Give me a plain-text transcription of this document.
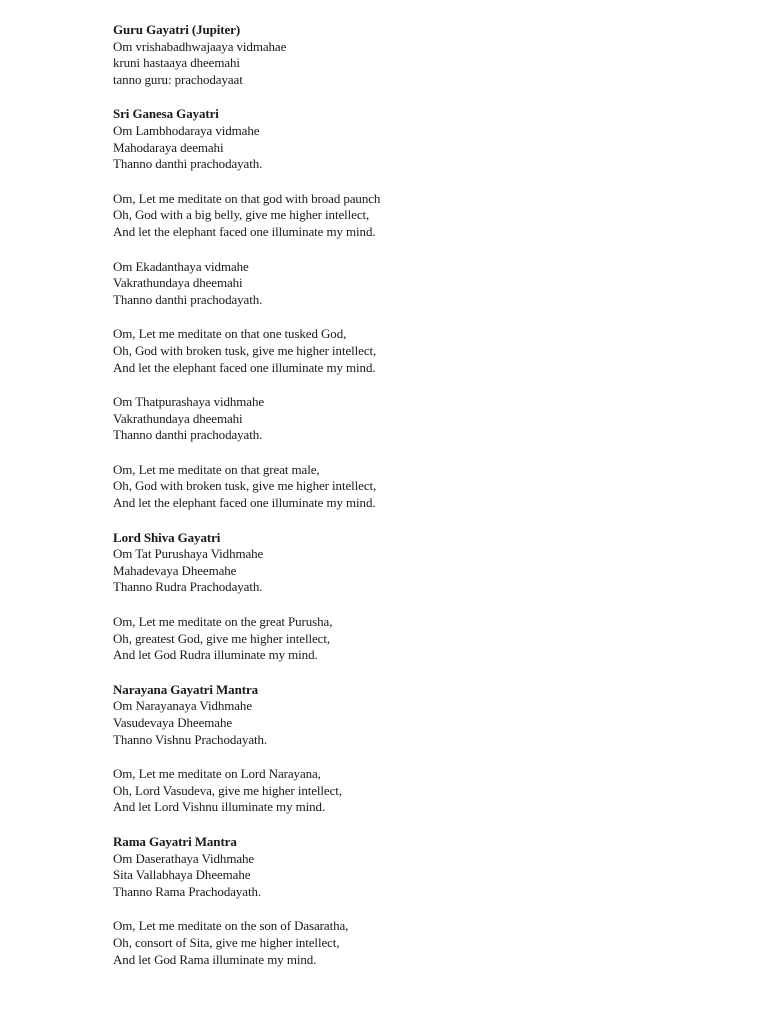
Guru Gayatri (Jupiter)
Om vrishabadhwajaaya vidmahae
kruni hastaaya dheemahi
tanno guru: prachodayaat
Sri Ganesa Gayatri
Om Lambhodaraya vidmahe
Mahodaraya deemahi
Thanno danthi prachodayath.
Om, Let me meditate on that god with broad paunch
Oh, God with a big belly, give me higher intellect,
And let the elephant faced one illuminate my mind.
Om Ekadanthaya vidmahe
Vakrathundaya dheemahi
Thanno danthi prachodayath.
Om, Let me meditate on that one tusked God,
Oh, God with broken tusk, give me higher intellect,
And let the elephant faced one illuminate my mind.
Om Thatpurashaya vidhmahe
Vakrathundaya dheemahi
Thanno danthi prachodayath.
Om, Let me meditate on that great male,
Oh, God with broken tusk, give me higher intellect,
And let the elephant faced one illuminate my mind.
Lord Shiva Gayatri
Om Tat Purushaya Vidhmahe
Mahadevaya Dheemahe
Thanno Rudra Prachodayath.
Om, Let me meditate on the great Purusha,
Oh, greatest God, give me higher intellect,
And let God Rudra illuminate my mind.
Narayana Gayatri Mantra
Om Narayanaya Vidhmahe
Vasudevaya Dheemahe
Thanno Vishnu Prachodayath.
Om, Let me meditate on Lord Narayana,
Oh, Lord Vasudeva, give me higher intellect,
And let Lord Vishnu illuminate my mind.
Rama Gayatri Mantra
Om Daserathaya Vidhmahe
Sita Vallabhaya Dheemahe
Thanno Rama Prachodayath.
Om, Let me meditate on the son of Dasaratha,
Oh, consort of Sita, give me higher intellect,
And let God Rama illuminate my mind.
